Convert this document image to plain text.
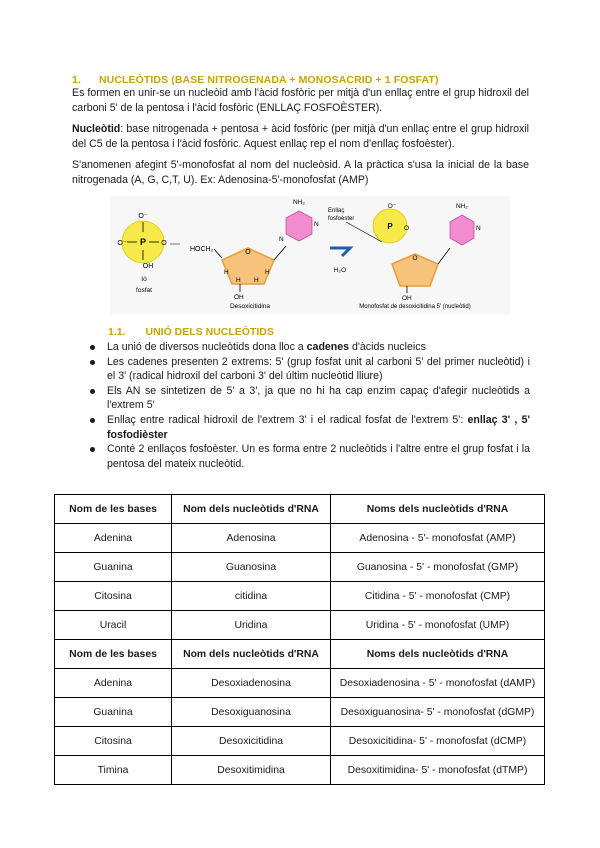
1. NUCLEÒTIDS (BASE NITROGENADA + MONOSACRID + 1 FOSFAT)
Es formen en unir-se un nucleòid amb l'àcid fosfòric per mitjà d'un enllaç entre el grup hidroxil del carboni 5' de la pentosa i l'àcid fosfòric (ENLLAÇ FOSFOÈSTER).
Nucleòtid: base nitrogenada + pentosa + àcid fosfòric (per mitjà d'un enllaç entre el grup hidroxil del C5 de la pentosa i l'àcid fosfòric. Aquest enllaç rep el nom d'enllaç fosfoèster).
S'anomenen afegint 5'-monofosfat al nom del nucleòsid. A la pràctica s'usa la inicial de la base nitrogenada (A, G, C,T, U). Ex: Adenosina-5'-monofosfat (AMP)
P
O⁻
O⁻	O
OH
Iò
fosfat
HOCH₂	O
H	H
H H
OH
NH₂
N
N
Desoxicitidina
H₂O
Enllaç
fosfoèster
P
O⁻
O
O
OH
NH₂
N
Monofosfat de desoxicitidina 5' (nucleòtid)
1.1. UNIÓ DELS NUCLEÒTIDS
La unió de diversos nucleòtids dona lloc a cadenes d'àcids nucleics
Les cadenes presenten 2 extrems: 5' (grup fosfat unit al carboni 5' del primer nucleòtid) i el 3' (radical hidroxil del carboni 3' del últim nucleòtid lliure)
Els AN se sintetizen de 5' a 3', ja que no hi ha cap enzim capaç d'afegir nucleòtids a l'extrem 5'
Enllaç entre radical hidroxil de l'extrem 3' i el radical fosfat de l'extrem 5': enllaç 3' , 5' fosfodièster
Conté 2 enllaços fosfoèster. Un es forma entre 2 nucleòtids i l'altre entre el grup fosfat i la pentosa del mateix nucleòtid.
Nom de les bases	Nom dels nucleòtids d'RNA	Noms dels nucleòtids d'RNA
Adenina	Adenosina	Adenosina - 5'- monofosfat (AMP)
Guanina	Guanosina	Guanosina - 5' - monofosfat (GMP)
Citosina	citidina	Citidina - 5' - monofosfat (CMP)
Uracil	Uridina	Uridina - 5' - monofosfat (UMP)
Nom de les bases	Nom dels nucleòtids d'RNA	Noms dels nucleòtids d'RNA
Adenina	Desoxiadenosina	Desoxiadenosina - 5' - monofosfat (dAMP)
Guanina	Desoxiguanosina	Desoxiguanosina- 5' - monofosfat (dGMP)
Citosina	Desoxicitidina	Desoxicitidina- 5' - monofosfat (dCMP)
Timina	Desoxitimidina	Desoxitimidina- 5' - monofosfat (dTMP)
